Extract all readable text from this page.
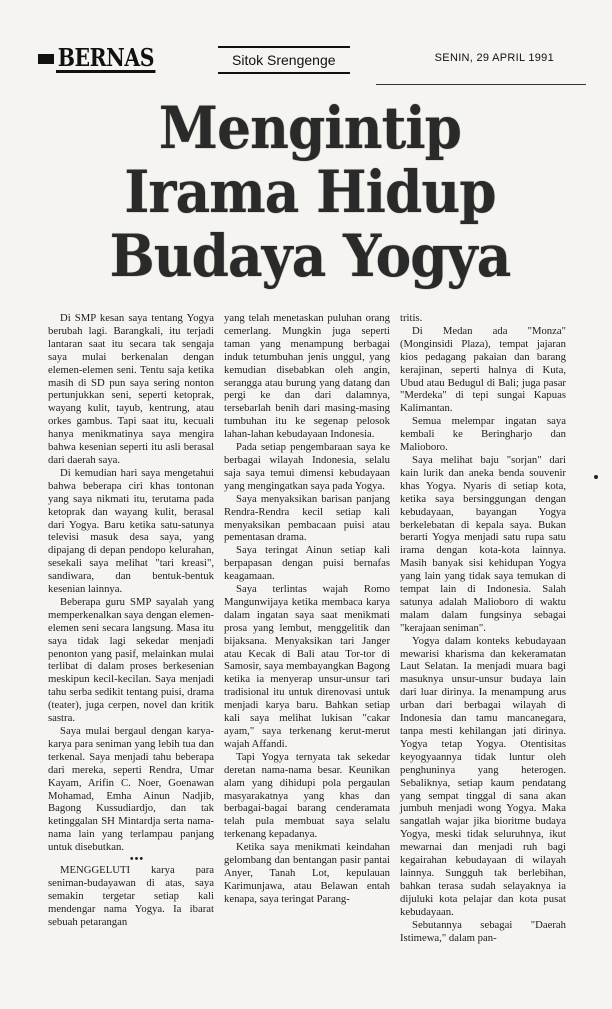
BERNAS	Sitok Srengenge	SENIN, 29 APRIL 1991
Mengintip
Irama Hidup
Budaya Yogya

Di SMP kesan saya tentang Yogya berubah lagi. Barangkali, itu terjadi lantaran saat itu secara tak sengaja saya mulai berkenalan dengan elemen-elemen seni. Tentu saja ketika masih di SD pun saya sering nonton pertunjukkan seni, seperti ketoprak, wayang kulit, tayub, kentrung, atau orkes gambus. Tapi saat itu, kecuali hanya menikmatinya saya mengira bahwa kesenian seperti itu asli berasal dari daerah saya.

Di kemudian hari saya mengetahui bahwa beberapa ciri khas tontonan yang saya nikmati itu, terutama pada ketoprak dan wayang kulit, berasal dari Yogya. Baru ketika satu-satunya televisi masuk desa saya, yang dipajang di depan pendopo kelurahan, sesekali saya melihat "tari kreasi", sandiwara, dan bentuk-bentuk kesenian lainnya.

Beberapa guru SMP sayalah yang memperkenalkan saya dengan elemen-elemen seni secara langsung. Masa itu saya tidak lagi sekedar menjadi penonton yang pasif, melainkan mulai terlibat di dalam proses berkesenian meskipun kecil-kecilan. Saya menjadi tahu serba sedikit tentang puisi, drama (teater), juga cerpen, novel dan kritik sastra.

Saya mulai bergaul dengan karya-karya para seniman yang lebih tua dan terkenal. Saya menjadi tahu beberapa dari mereka, seperti Rendra, Umar Kayam, Arifin C. Noer, Goenawan Mohamad, Emha Ainun Nadjib, Bagong Kussudiardjo, dan tak ketinggalan SH Mintardja serta nama-nama lain yang terlampau panjang untuk disebutkan.

•••

MENGGELUTI karya para seniman-budayawan di atas, saya semakin tergetar setiap kali mendengar nama Yogya. Ia ibarat sebuah petarangan

yang telah menetaskan puluhan orang cemerlang. Mungkin juga seperti taman yang menampung berbagai induk tetumbuhan jenis unggul, yang kemudian disebabkan oleh angin, serangga atau burung yang datang dan pergi ke dan dari dalamnya, tersebarlah benih dari masing-masing tumbuhan itu ke segenap pelosok lahan-lahan kebudayaan Indonesia.

Pada setiap pengembaraan saya ke berbagai wilayah Indonesia, selalu saja saya temui dimensi kebudayaan yang mengingatkan saya pada Yogya.

Saya menyaksikan barisan panjang Rendra-Rendra kecil setiap kali menyaksikan pembacaan puisi atau pementasan drama.

Saya teringat Ainun setiap kali berpapasan dengan puisi bernafas keagamaan.

Saya terlintas wajah Romo Mangunwijaya ketika membaca karya dalam ingatan saya saat menikmati prosa yang lembut, menggelitik dan bijaksana. Menyaksikan tari Janger atau Kecak di Bali atau Tor-tor di Samosir, saya membayangkan Bagong ketika ia menyerap unsur-unsur tari tradisional itu untuk direnovasi untuk menjadi karya baru. Bahkan setiap kali saya melihat lukisan "cakar ayam," saya terkenang kerut-merut wajah Affandi.

Tapi Yogya ternyata tak sekedar deretan nama-nama besar. Keunikan alam yang dihidupi pola pergaulan masyarakatnya yang khas dan berbagai-bagai barang cenderamata telah pula membuat saya selalu terkenang kepadanya.

Ketika saya menikmati keindahan gelombang dan bentangan pasir pantai Anyer, Tanah Lot, kepulauan Karimunjawa, atau Belawan entah kenapa, saya teringat Parang-

tritis.

Di Medan ada "Monza" (Monginsidi Plaza), tempat jajaran kios pedagang pakaian dan barang kerajinan, seperti halnya di Kuta, Ubud atau Bedugul di Bali; juga pasar "Merdeka" di tepi sungai Kapuas Kalimantan.

Semua melempar ingatan saya kembali ke Beringharjo dan Malioboro.

Saya melihat baju "sorjan" dari kain lurik dan aneka benda souvenir khas Yogya. Nyaris di setiap kota, ketika saya bersinggungan dengan kebudayaan, bayangan Yogya berkelebatan di kepala saya. Bukan berarti Yogya menjadi satu rupa satu irama dengan kota-kota lainnya. Masih banyak sisi kehidupan Yogya yang lain yang tidak saya temukan di tempat lain di Indonesia. Salah satunya adalah Malioboro di waktu malam dalam fungsinya sebagai "kerajaan seniman".

Yogya dalam konteks kebudayaan mewarisi kharisma dan kekeramatan Laut Selatan. Ia menjadi muara bagi masuknya unsur-unsur budaya lain dari luar dirinya. Ia menampung arus urban dari berbagai wilayah di Indonesia dan tamu mancanegara, tanpa mesti kehilangan jati dirinya. Yogya tetap Yogya. Otentisitas keyogyaannya tidak luntur oleh penghuninya yang heterogen. Sebaliknya, setiap kaum pendatang yang sempat tinggal di sana akan jumbuh menjadi wong Yogya. Maka sangatlah wajar jika bioritme budaya Yogya, meski tidak seluruhnya, ikut mewarnai dan menjadi ruh bagi kegairahan kebudayaan di wilayah lainnya. Sungguh tak berlebihan, bahkan terasa sudah selayaknya ia dijuluki kota pelajar dan kota pusat kebudayaan.

Sebutannya sebagai "Daerah Istimewa," dalam pan-
